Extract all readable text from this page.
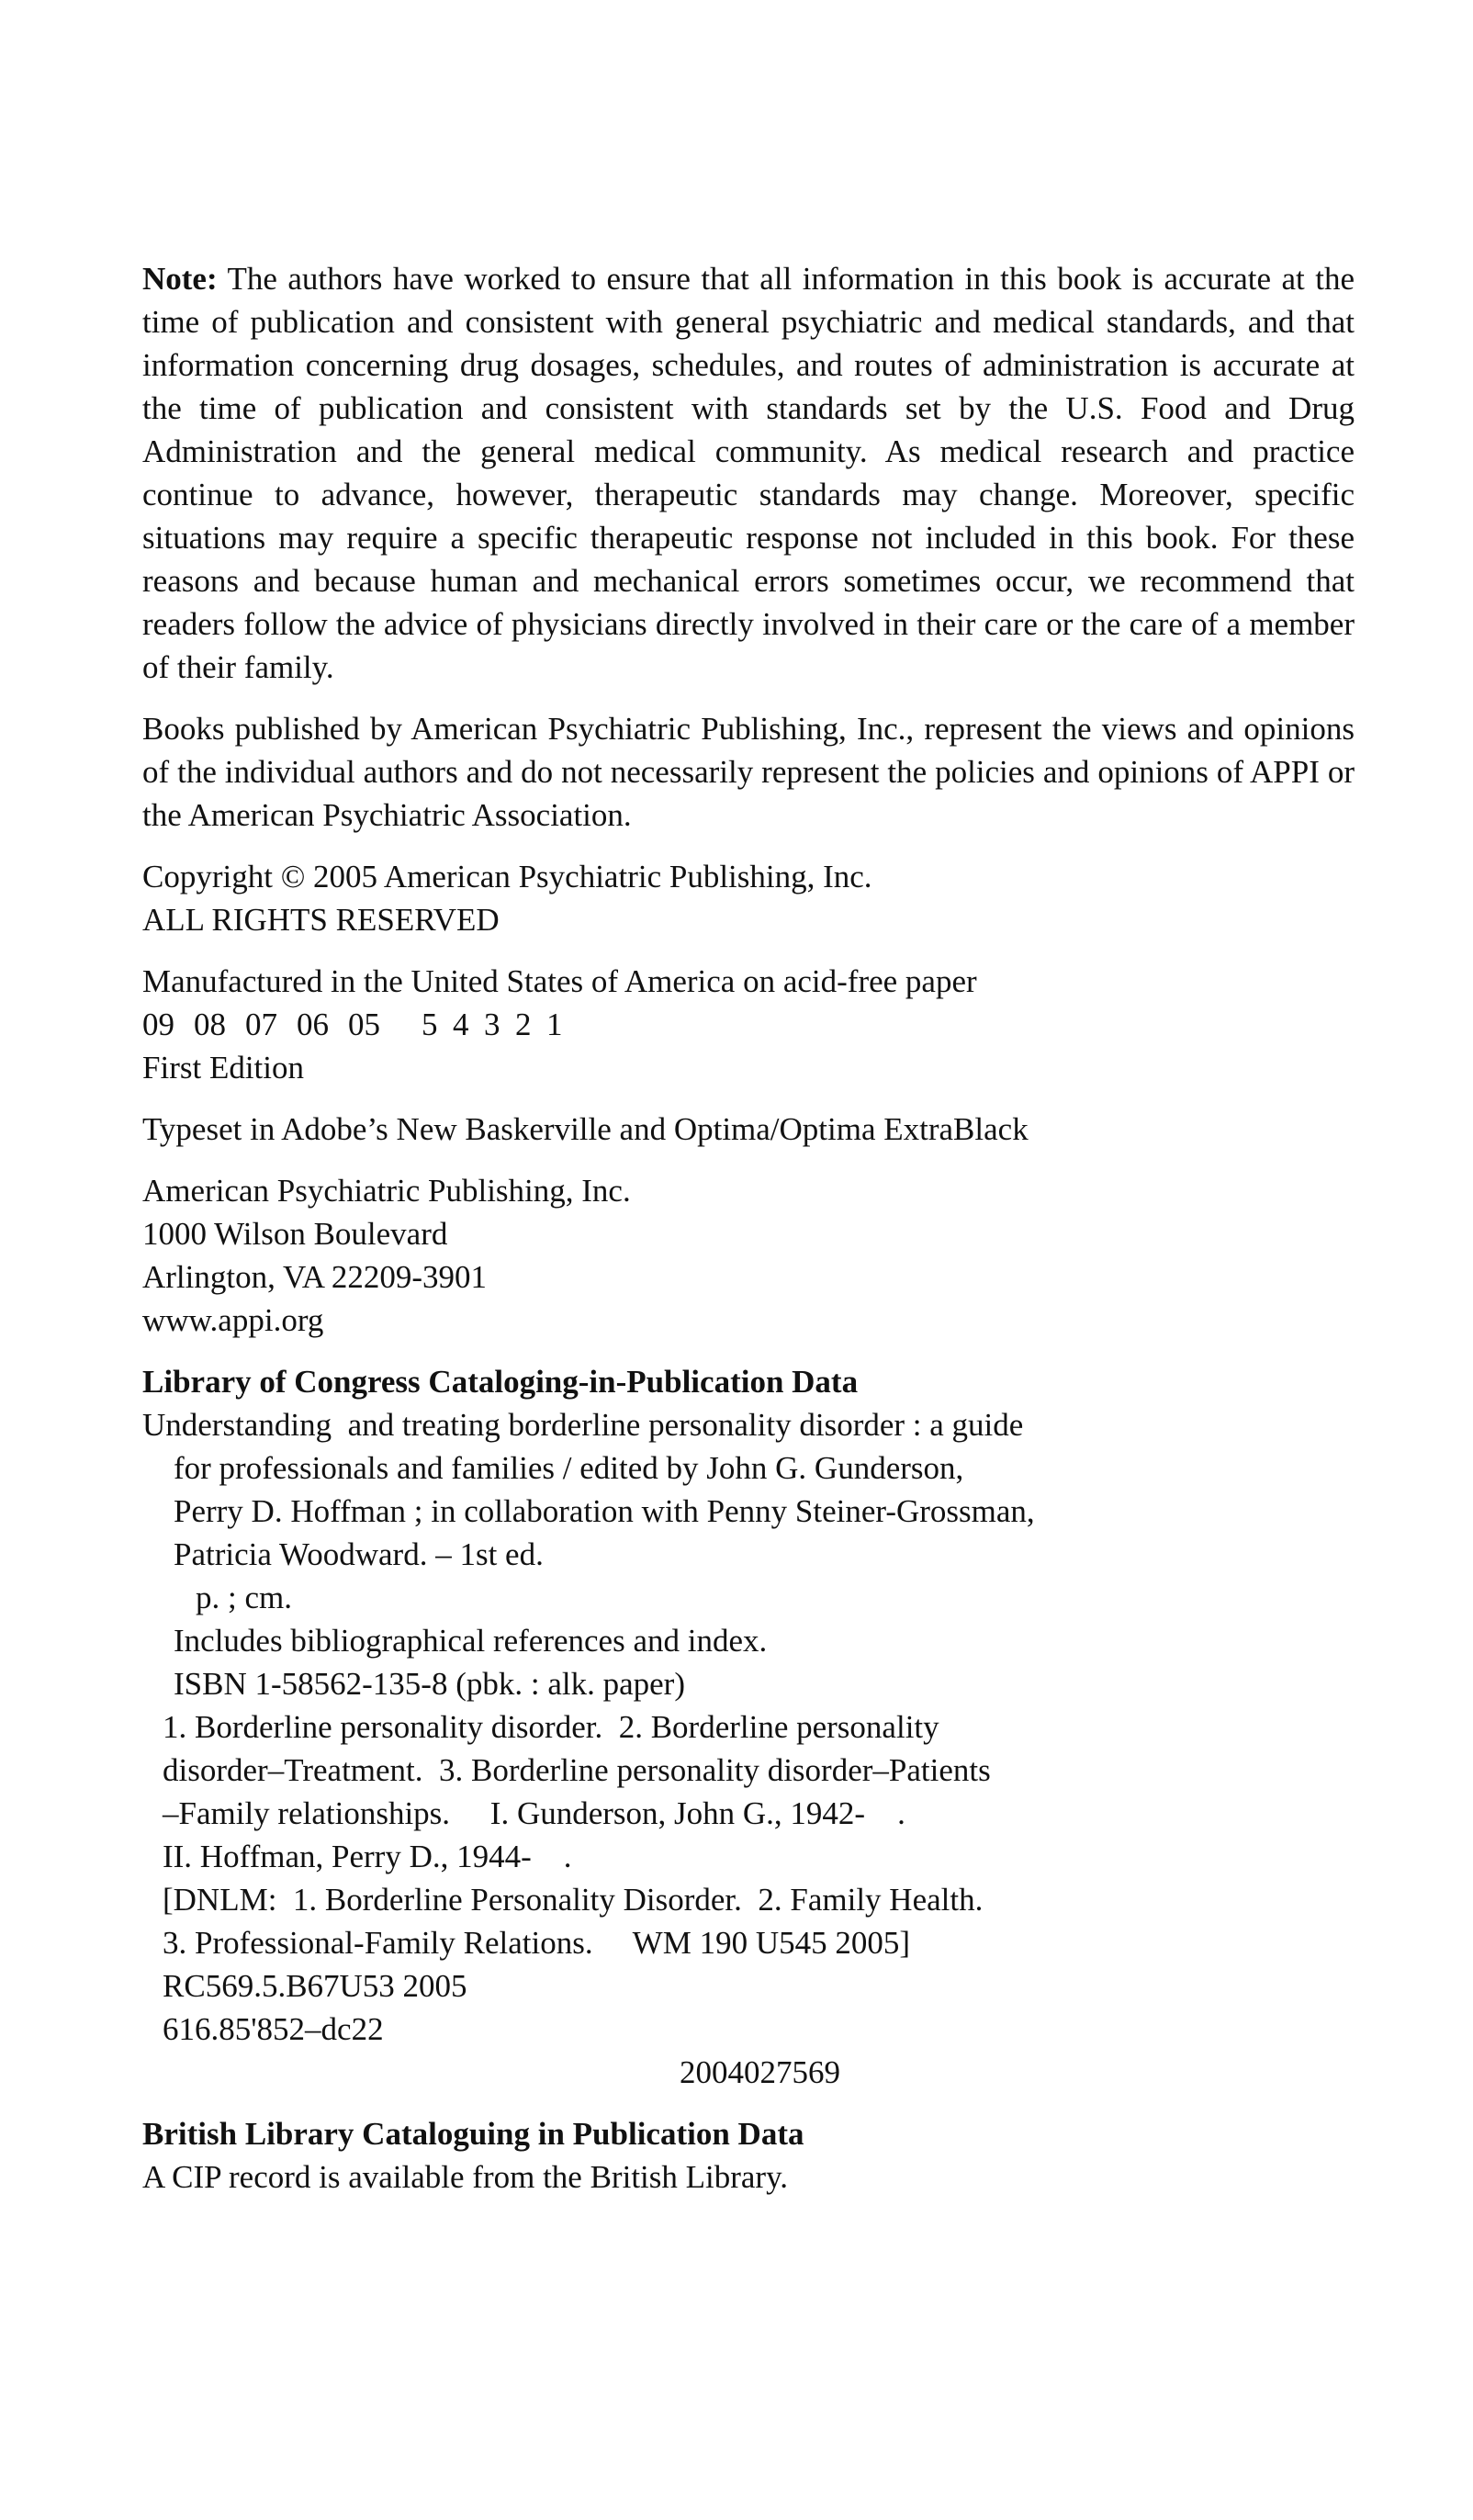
Note: The authors have worked to ensure that all information in this book is accurate at the time of publication and consistent with general psychiatric and medical standards, and that information concerning drug dosages, schedules, and routes of administration is accurate at the time of publication and consistent with standards set by the U.S. Food and Drug Administration and the general medical community. As medical research and practice continue to advance, however, therapeutic standards may change. Moreover, specific situations may require a specific therapeutic response not included in this book. For these reasons and because human and mechanical errors sometimes occur, we recommend that readers follow the advice of physicians directly involved in their care or the care of a member of their family.

Books published by American Psychiatric Publishing, Inc., represent the views and opinions of the individual authors and do not necessarily represent the policies and opinions of APPI or the American Psychiatric Association.

Copyright © 2005 American Psychiatric Publishing, Inc.
ALL RIGHTS RESERVED
Manufactured in the United States of America on acid-free paper
09 08 07 06 05 5 4 3 2 1
First Edition

Typeset in Adobe’s New Baskerville and Optima/Optima ExtraBlack

American Psychiatric Publishing, Inc.
1000 Wilson Boulevard
Arlington, VA 22209-3901
www.appi.org
Library of Congress Cataloging-in-Publication Data
Understanding  and treating borderline personality disorder : a guide
for professionals and families / edited by John G. Gunderson,
Perry D. Hoffman ; in collaboration with Penny Steiner-Grossman,
Patricia Woodward. – 1st ed.
p. ; cm.
Includes bibliographical references and index.
ISBN 1-58562-135-8 (pbk. : alk. paper)
1. Borderline personality disorder.  2. Borderline personality
disorder–Treatment.  3. Borderline personality disorder–Patients
–Family relationships.     I. Gunderson, John G., 1942-    .
II. Hoffman, Perry D., 1944-    .
[DNLM:  1. Borderline Personality Disorder.  2. Family Health.
3. Professional-Family Relations.     WM 190 U545 2005]
RC569.5.B67U53 2005
616.85'852–dc22
2004027569
British Library Cataloguing in Publication Data
A CIP record is available from the British Library.
